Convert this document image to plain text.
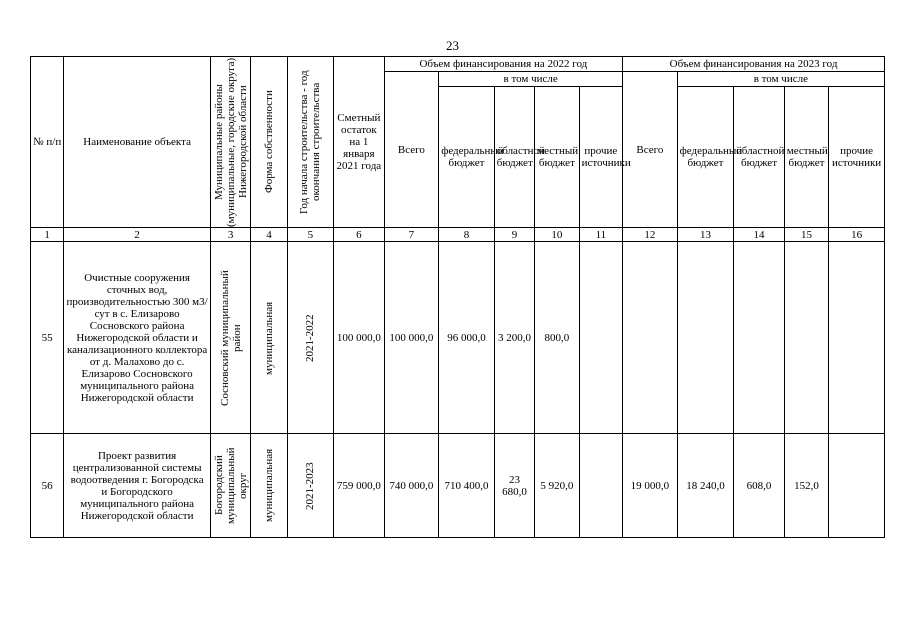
23
№ п/п	Наименование объекта	Муниципальные районы (муниципальные, городские округа) Нижегородской области	Форма собственности	Год начала строительства - год окончания строительства	Сметный остаток на 1 января 2021 года	Объем финансирования на 2022 год					Объем финансирования на 2023 год				
						Всего	в том числе				Всего	в том числе			
							федеральный бюджет	областной бюджет	местный бюджет	прочие источники		федеральный бюджет	областной бюджет	местный бюджет	прочие источники
1	2	3	4	5	6	7	8	9	10	11	12	13	14	15	16
55	Очистные сооружения сточных вод, производительностью 300 м3/сут в с. Елизарово Сосновского района Нижегородской области и канализационного коллектора от д. Малахово до с. Елизарово Сосновского муниципального района Нижегородской области	Сосновский муниципальный район	муниципальная	2021-2022	100 000,0	100 000,0	96 000,0	3 200,0	800,0						
56	Проект развития централизованной системы водоотведения г. Богородска и Богородского муниципального района Нижегородской области	Богородский муниципальный округ	муниципальная	2021-2023	759 000,0	740 000,0	710 400,0	23 680,0	5 920,0		19 000,0	18 240,0	608,0	152,0	
